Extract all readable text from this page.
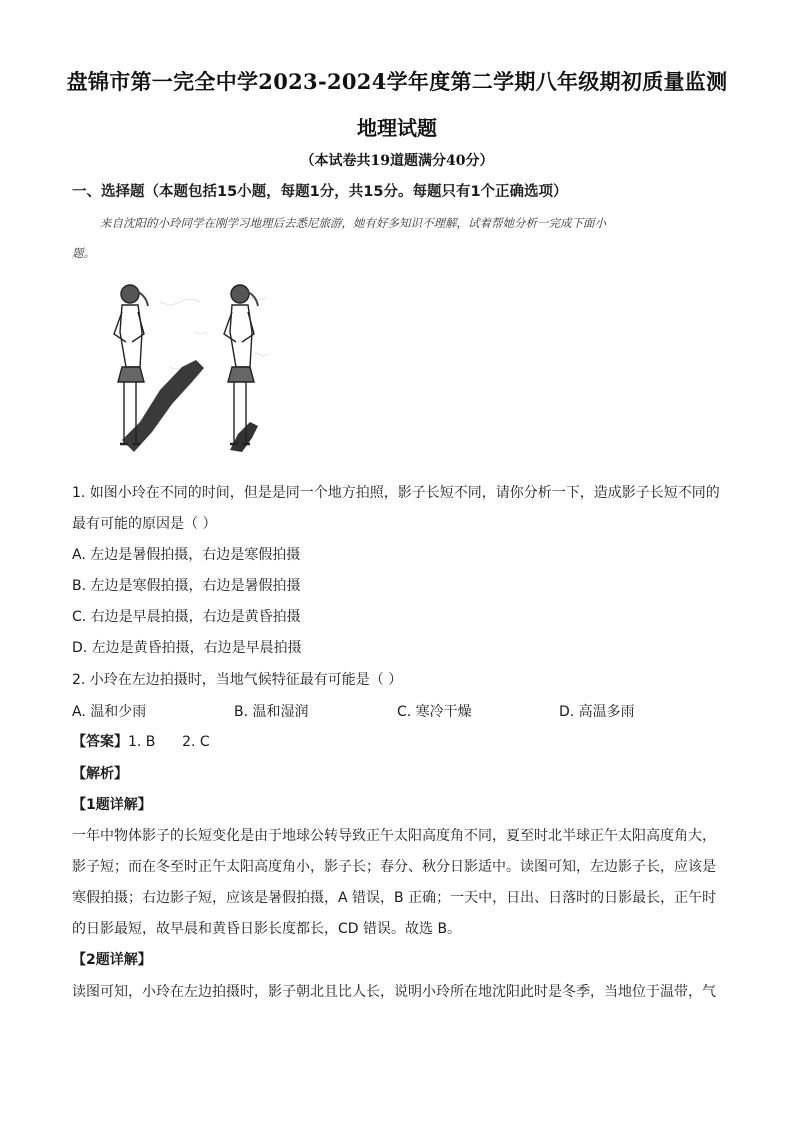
盘锦市第一完全中学2023-2024学年度第二学期八年级期初质量监测
地理试题
（本试卷共19道题满分40分）
一、选择题（本题包括15小题，每题1分，共15分。每题只有1个正确选项）
来自沈阳的小玲同学在刚学习地理后去悉尼旅游，她有好多知识不理解，试着帮她分析一完成下面小
题。
1. 如图小玲在不同的时间，但是是同一个地方拍照，影子长短不同，请你分析一下，造成影子长短不同的
最有可能的原因是（ ）
A. 左边是暑假拍摄，右边是寒假拍摄
B. 左边是寒假拍摄，右边是暑假拍摄
C. 右边是早晨拍摄，右边是黄昏拍摄
D. 左边是黄昏拍摄，右边是早晨拍摄
2. 小玲在左边拍摄时，当地气候特征最有可能是（ ）
A. 温和少雨	B. 温和湿润	C. 寒冷干燥	D. 高温多雨
【答案】1. B      2. C
【解析】
【1题详解】
一年中物体影子的长短变化是由于地球公转导致正午太阳高度角不同，夏至时北半球正午太阳高度角大，
影子短；而在冬至时正午太阳高度角小，影子长；春分、秋分日影适中。读图可知，左边影子长，应该是
寒假拍摄；右边影子短，应该是暑假拍摄，A 错误，B 正确；一天中，日出、日落时的日影最长，正午时
的日影最短，故早晨和黄昏日影长度都长，CD 错误。故选 B。
【2题详解】
读图可知，小玲在左边拍摄时，影子朝北且比人长，说明小玲所在地沈阳此时是冬季，当地位于温带，气
